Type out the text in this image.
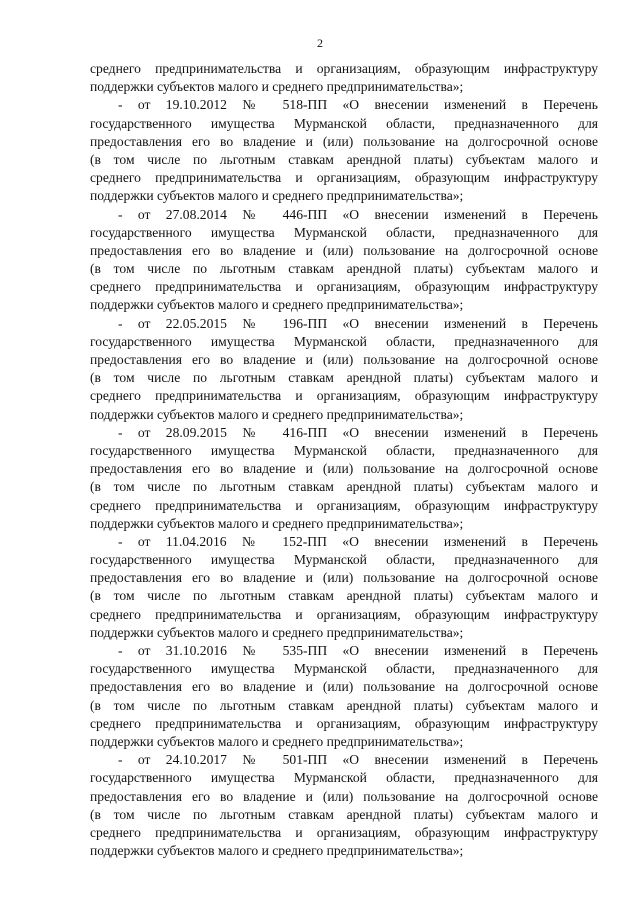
2
среднего предпринимательства и организациям, образующим инфраструктуру
поддержки субъектов малого и среднего предпринимательства»;
- от 19.10.2012 № 518-ПП «О внесении изменений в Перечень
государственного имущества Мурманской области, предназначенного для
предоставления его во владение и (или) пользование на долгосрочной основе
(в том числе по льготным ставкам арендной платы) субъектам малого и
среднего предпринимательства и организациям, образующим инфраструктуру
поддержки субъектов малого и среднего предпринимательства»;
- от 27.08.2014 № 446-ПП «О внесении изменений в Перечень
государственного имущества Мурманской области, предназначенного для
предоставления его во владение и (или) пользование на долгосрочной основе
(в том числе по льготным ставкам арендной платы) субъектам малого и
среднего предпринимательства и организациям, образующим инфраструктуру
поддержки субъектов малого и среднего предпринимательства»;
- от 22.05.2015 № 196-ПП «О внесении изменений в Перечень
государственного имущества Мурманской области, предназначенного для
предоставления его во владение и (или) пользование на долгосрочной основе
(в том числе по льготным ставкам арендной платы) субъектам малого и
среднего предпринимательства и организациям, образующим инфраструктуру
поддержки субъектов малого и среднего предпринимательства»;
- от 28.09.2015 № 416-ПП «О внесении изменений в Перечень
государственного имущества Мурманской области, предназначенного для
предоставления его во владение и (или) пользование на долгосрочной основе
(в том числе по льготным ставкам арендной платы) субъектам малого и
среднего предпринимательства и организациям, образующим инфраструктуру
поддержки субъектов малого и среднего предпринимательства»;
- от 11.04.2016 № 152-ПП «О внесении изменений в Перечень
государственного имущества Мурманской области, предназначенного для
предоставления его во владение и (или) пользование на долгосрочной основе
(в том числе по льготным ставкам арендной платы) субъектам малого и
среднего предпринимательства и организациям, образующим инфраструктуру
поддержки субъектов малого и среднего предпринимательства»;
- от 31.10.2016 № 535-ПП «О внесении изменений в Перечень
государственного имущества Мурманской области, предназначенного для
предоставления его во владение и (или) пользование на долгосрочной основе
(в том числе по льготным ставкам арендной платы) субъектам малого и
среднего предпринимательства и организациям, образующим инфраструктуру
поддержки субъектов малого и среднего предпринимательства»;
- от 24.10.2017 № 501-ПП «О внесении изменений в Перечень
государственного имущества Мурманской области, предназначенного для
предоставления его во владение и (или) пользование на долгосрочной основе
(в том числе по льготным ставкам арендной платы) субъектам малого и
среднего предпринимательства и организациям, образующим инфраструктуру
поддержки субъектов малого и среднего предпринимательства»;
